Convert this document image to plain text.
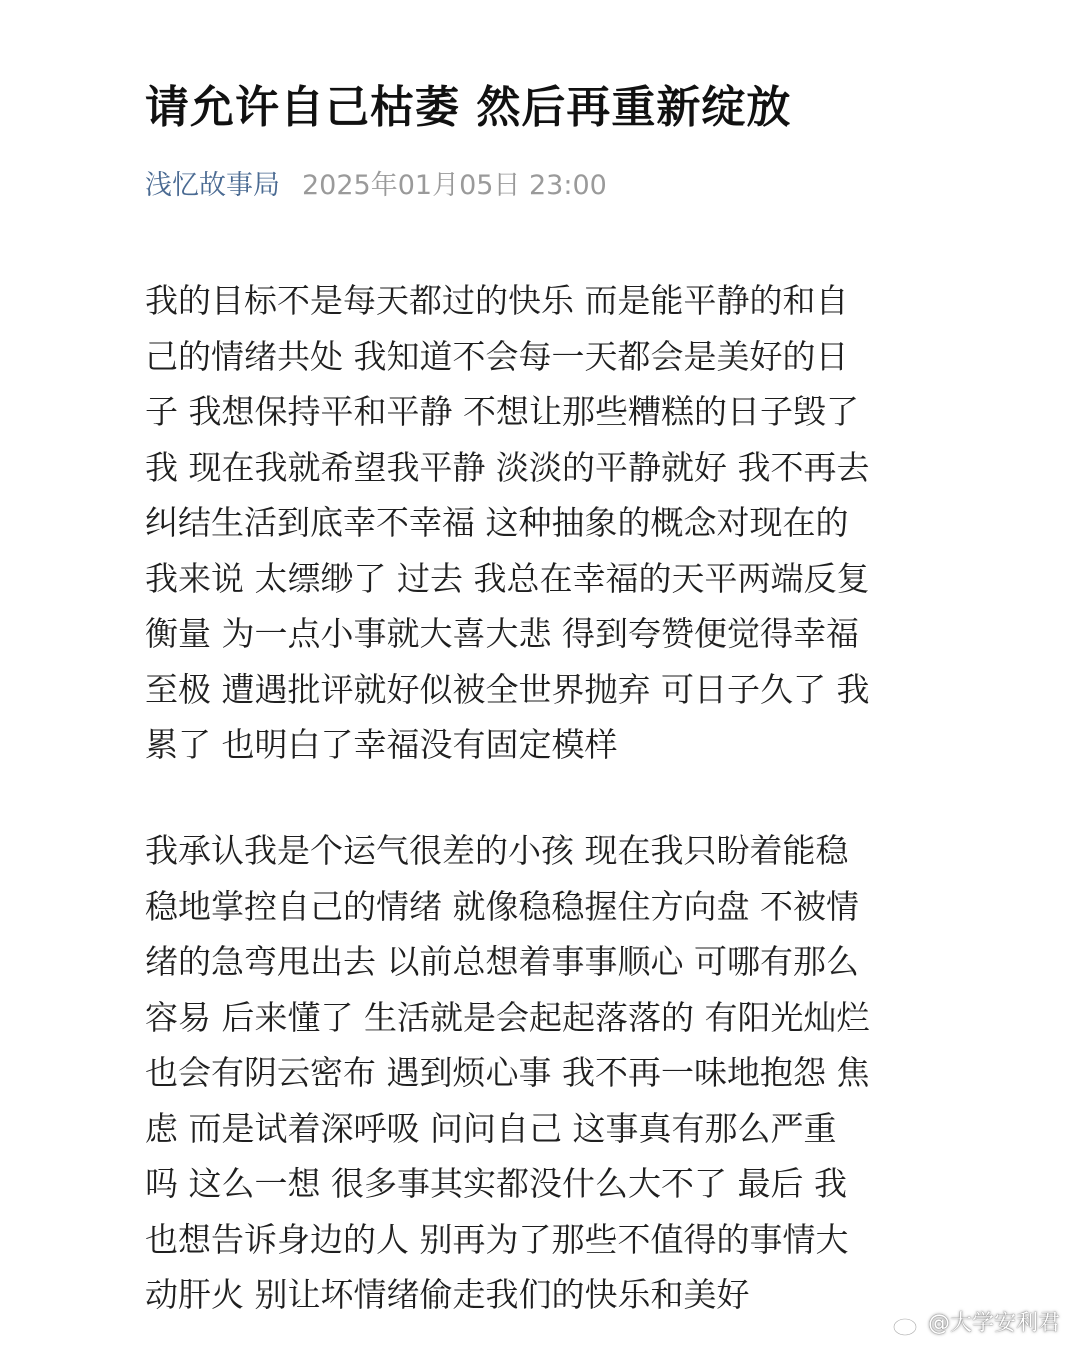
请允许自己枯萎 然后再重新绽放
浅忆故事局 2025年01月05日 23:00
我的目标不是每天都过的快乐 而是能平静的和自
己的情绪共处 我知道不会每一天都会是美好的日
子 我想保持平和平静 不想让那些糟糕的日子毁了
我 现在我就希望我平静 淡淡的平静就好 我不再去
纠结生活到底幸不幸福 这种抽象的概念对现在的
我来说 太缥缈了 过去 我总在幸福的天平两端反复
衡量 为一点小事就大喜大悲 得到夸赞便觉得幸福
至极 遭遇批评就好似被全世界抛弃 可日子久了 我
累了 也明白了幸福没有固定模样
我承认我是个运气很差的小孩 现在我只盼着能稳
稳地掌控自己的情绪 就像稳稳握住方向盘 不被情
绪的急弯甩出去 以前总想着事事顺心 可哪有那么
容易 后来懂了 生活就是会起起落落的 有阳光灿烂
也会有阴云密布 遇到烦心事 我不再一味地抱怨 焦
虑 而是试着深呼吸 问问自己 这事真有那么严重
吗 这么一想 很多事其实都没什么大不了 最后 我
也想告诉身边的人 别再为了那些不值得的事情大
动肝火 别让坏情绪偷走我们的快乐和美好
@大学安利君
